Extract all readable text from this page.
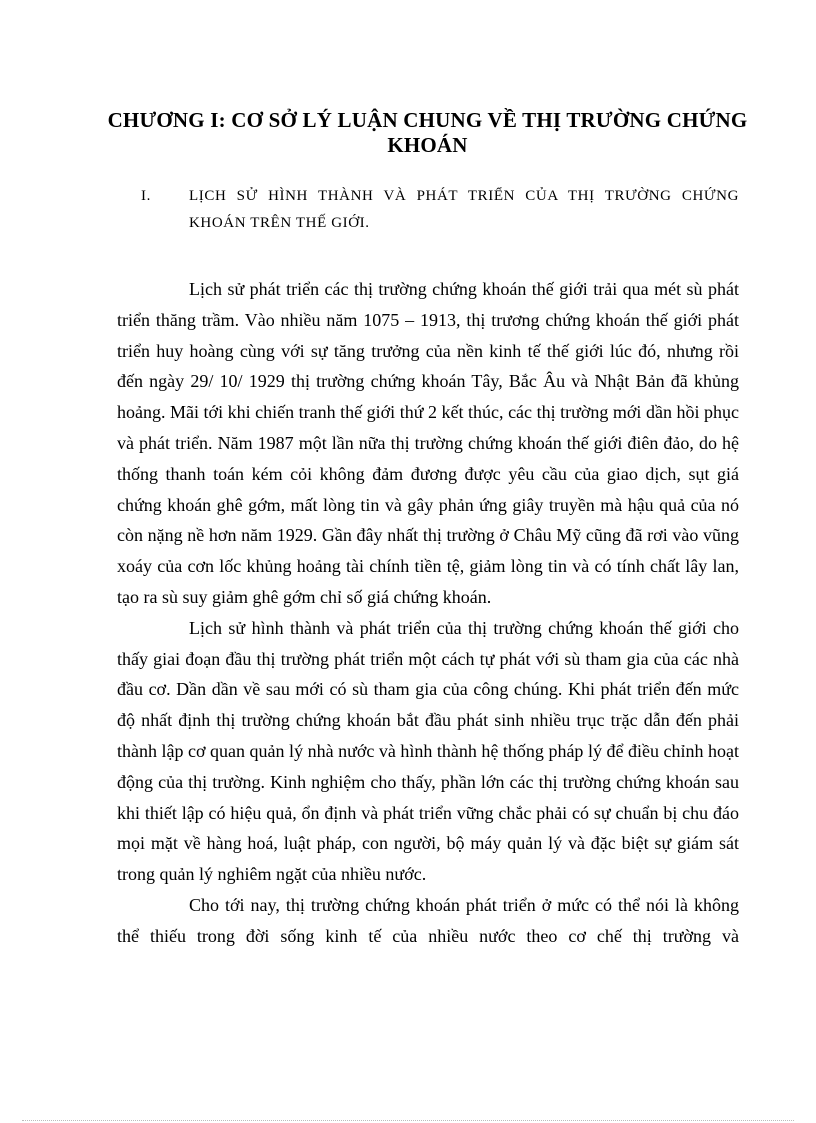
CHƯƠNG I: CƠ SỞ LÝ LUẬN CHUNG VỀ THỊ TRƯỜNG CHỨNG KHOÁN
I.	LỊCH SỬ HÌNH THÀNH VÀ PHÁT TRIỂN CỦA THỊ TRƯỜNG CHỨNG KHOÁN TRÊN THẾ GIỚI.

Lịch sử phát triển các thị trường chứng khoán thế giới trải qua mét sù phát triển thăng trầm. Vào nhiều năm 1075 – 1913, thị trương chứng khoán thế giới phát triển huy hoàng cùng với sự tăng trưởng của nền kinh tế thế giới lúc đó, nhưng rồi đến ngày 29/ 10/ 1929 thị trường chứng khoán Tây, Bắc Âu và Nhật Bản đã khủng hoảng. Mãi tới khi chiến tranh thế giới thứ 2 kết thúc, các thị trường mới dần hồi phục và phát triển. Năm 1987 một lần nữa thị trường chứng khoán thế giới điên đảo, do hệ thống thanh toán kém cỏi không đảm đương được yêu cầu của giao dịch, sụt giá chứng khoán ghê gớm, mất lòng tin và gây phản ứng giây truyền mà hậu quả của nó còn nặng nề hơn năm 1929. Gần đây nhất thị trường ở Châu Mỹ cũng đã rơi vào vũng xoáy của cơn lốc khủng hoảng tài chính tiền tệ, giảm lòng tin và có tính chất lây lan, tạo ra sù suy giảm ghê gớm chỉ số giá chứng khoán.

Lịch sử hình thành và phát triển của thị trường chứng khoán thế giới cho thấy giai đoạn đầu thị trường phát triển một cách tự phát với sù tham gia của các nhà đầu cơ. Dần dần về sau mới có sù tham gia của công chúng. Khi phát triển đến mức độ nhất định thị trường chứng khoán bắt đầu phát sinh nhiều trục trặc dẫn đến phải thành lập cơ quan quản lý nhà nước và hình thành hệ thống pháp lý để điều chỉnh hoạt động của thị trường. Kinh nghiệm cho thấy, phần lớn các thị trường chứng khoán sau khi thiết lập có hiệu quả, ổn định và phát triển vững chắc phải có sự chuẩn bị chu đáo mọi mặt về hàng hoá, luật pháp, con người, bộ máy quản lý và đặc biệt sự giám sát trong quản lý nghiêm ngặt của nhiều nước.

Cho tới nay, thị trường chứng khoán phát triển ở mức có thể nói là không thể thiếu trong đời sống kinh tế của nhiều nước theo cơ chế thị trường và
